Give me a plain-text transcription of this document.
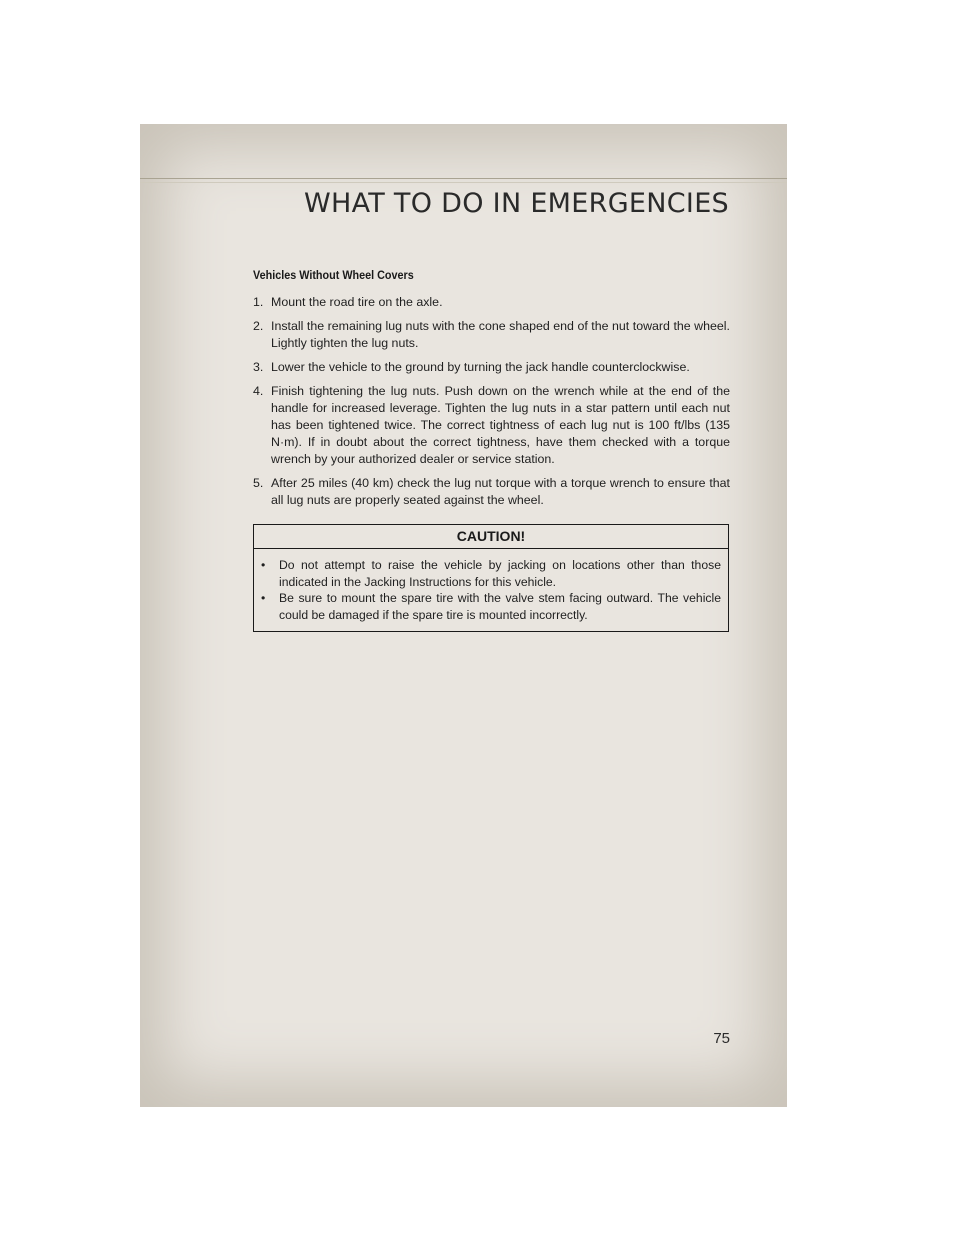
WHAT TO DO IN EMERGENCIES
Vehicles Without Wheel Covers
1. Mount the road tire on the axle.
2. Install the remaining lug nuts with the cone shaped end of the nut toward the wheel. Lightly tighten the lug nuts.
3. Lower the vehicle to the ground by turning the jack handle counterclockwise.
4. Finish tightening the lug nuts. Push down on the wrench while at the end of the handle for increased leverage. Tighten the lug nuts in a star pattern until each nut has been tightened twice. The correct tightness of each lug nut is 100 ft/lbs (135 N·m). If in doubt about the correct tightness, have them checked with a torque wrench by your authorized dealer or service station.
5. After 25 miles (40 km) check the lug nut torque with a torque wrench to ensure that all lug nuts are properly seated against the wheel.
CAUTION!
• Do not attempt to raise the vehicle by jacking on locations other than those indicated in the Jacking Instructions for this vehicle.
• Be sure to mount the spare tire with the valve stem facing outward. The vehicle could be damaged if the spare tire is mounted incorrectly.
75
